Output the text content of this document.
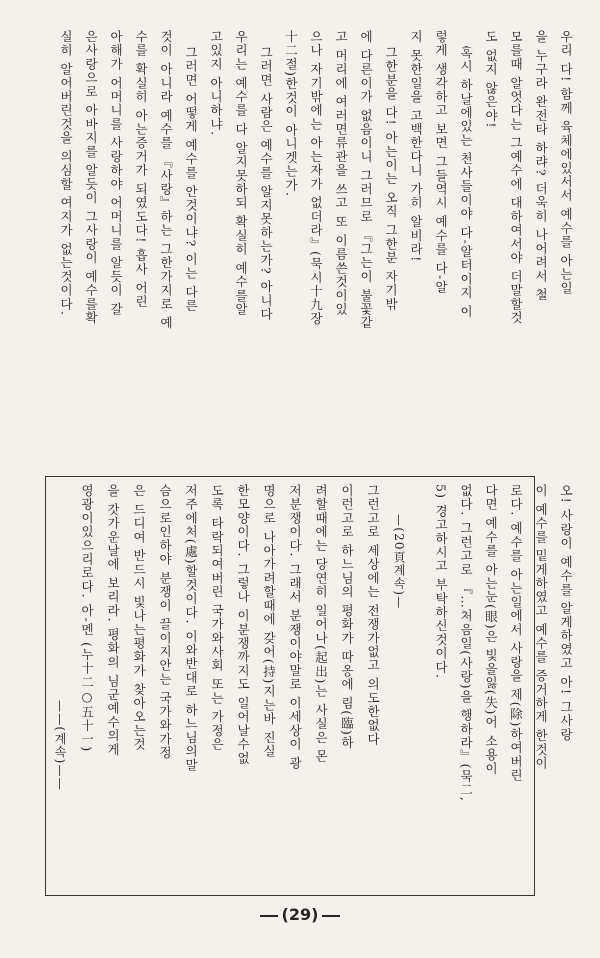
우리 다! 함께 육체에있서서 예수를 아는일
을 누구라 완전타 하랴? 더욱히 나어려서 철
모를때 알엇다는 그예수에 대하여서야 더말할것
도 없지 않은야!
혹시 하날에있는 천사들이야 다-알터이지 이
렇게 생각하고 보면 그들역시 예수를 다-알
지 못한일을 고백한다니 가히 알비라!
그한분을 다! 아는이는 오직 그한분 자기밖
에 다른이가 없음이니 그러므로 『그는이 불꽃같
고 머리에 여러면류관을 쓰고 또 이름쓴것이있
으나 자기밖에는 아는자가 없더라』(묵시十九장
十二절)한것이 아니겟는가.
그러면 사람은 예수를 알지못하는가? 아니다
우리는 예수를 다 알지못하되 확실히 예수를알
고있지 아니하냐.
그러면 어떻게 예수를 안것이냐? 이는 다른
것이 아니라 예수를 『사랑』하는 그한가지로 예
수를 확실히 아는증거가 되였도다! 흡사 어린
아해가 어머니를 사랑하야 어머니를 알듯이 갈
은사랑으로 아바지를 알듯이 그사랑이 예수를확
실히 알어버린것을 의심할 여지가 없는것이다.
오! 사랑이 예수를 알게하였고 아! 그사랑
이 예수를 밑게하였고 예수를 증거하게 한것이
로다. 예수를 아는일에서 사랑을 제(除)하여버린
다면 예수를 아는눈(眼)은 빛을잃(失)어 소용이
없다. 그런고로 『…처음일(사랑)을 행하라』(묵二,
5) 경고하시고 부탁하신것이다.
—(20頁계속)—
그런고로 세상에는 전쟁가없고 의도한없다
이런고로 하느님의 평화가 따옹에 림(臨)하
려할때에는 당연히 일어나(起出)는 사실은 몬
저분쟁이다. 그래서 분쟁이야말로 이세상이 광
명으로 나아가려할때에 갖어(持)지는바 진실
한모양이다. 그렇나 이분쟁까지도 일어날수없
도록 타락되여버린 국가와사회 또는 가정은
저주에처(處)할것이다. 이와반대로 하느님의말
슴으로인하야 분쟁이 끌이지안는 국가와가정
은 드디여 반드시 빛나는평화가 찾아오는것
을 갓가운날에 보리라. 평화의 님군예수의게
영광이있으리로다. 아-멘 (누十二○五十一)
——(계속)——
(29)
